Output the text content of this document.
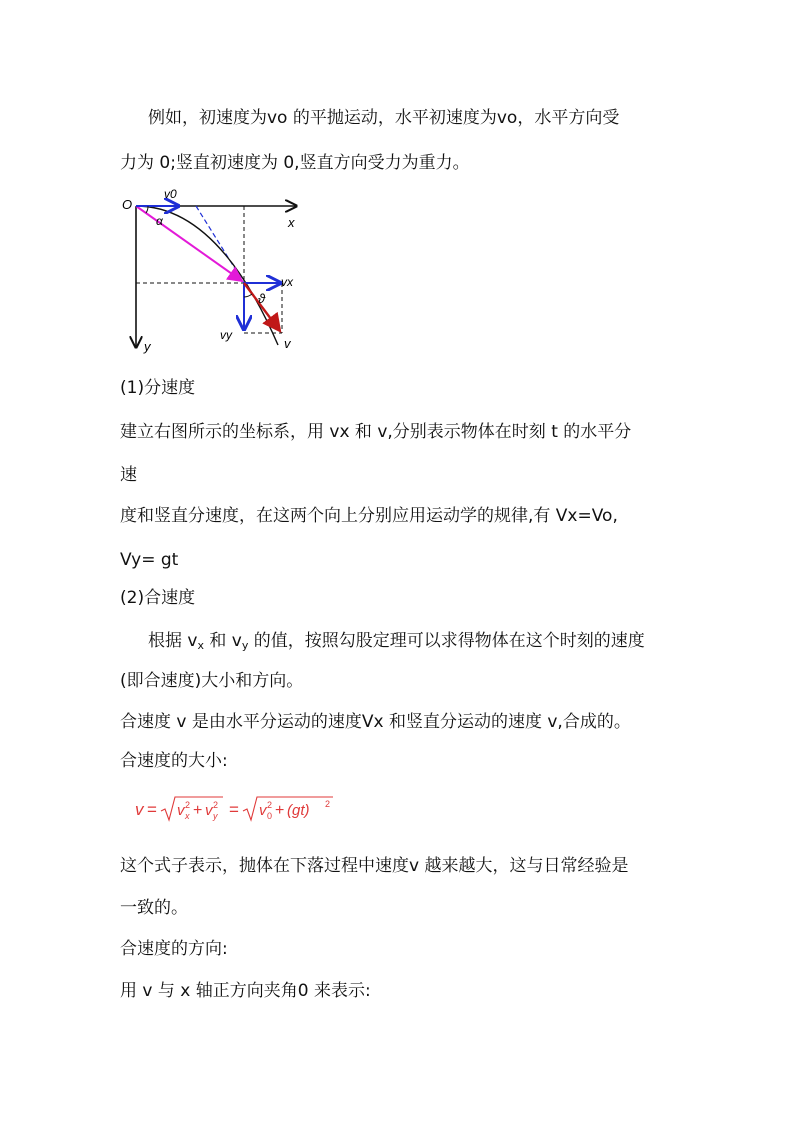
例如，初速度为vo 的平抛运动，水平初速度为vo，水平方向受
力为 0;竖直初速度为 0,竖直方向受力为重力。
O
v0
x
α
vx
ϑ
vy
v
y
(1)分速度
建立右图所示的坐标系，用 vx 和 v,分别表示物体在时刻 t 的水平分
速
度和竖直分速度，在这两个向上分别应用运动学的规律,有 Vx=Vo,
Vy= gt
(2)合速度
根据 $v_x$ 和 $v_y$ 的值，按照勾股定理可以求得物体在这个时刻的速度
(即合速度)大小和方向。
合速度 v 是由水平分运动的速度Vx 和竖直分运动的速度 v,合成的。
合速度的大小:
v = v 2
x + v 2
y = v 2
0 + (gt) 2
这个式子表示，抛体在下落过程中速度v 越来越大，这与日常经验是
一致的。
合速度的方向:
用 v 与 x 轴正方向夹角0 来表示:
